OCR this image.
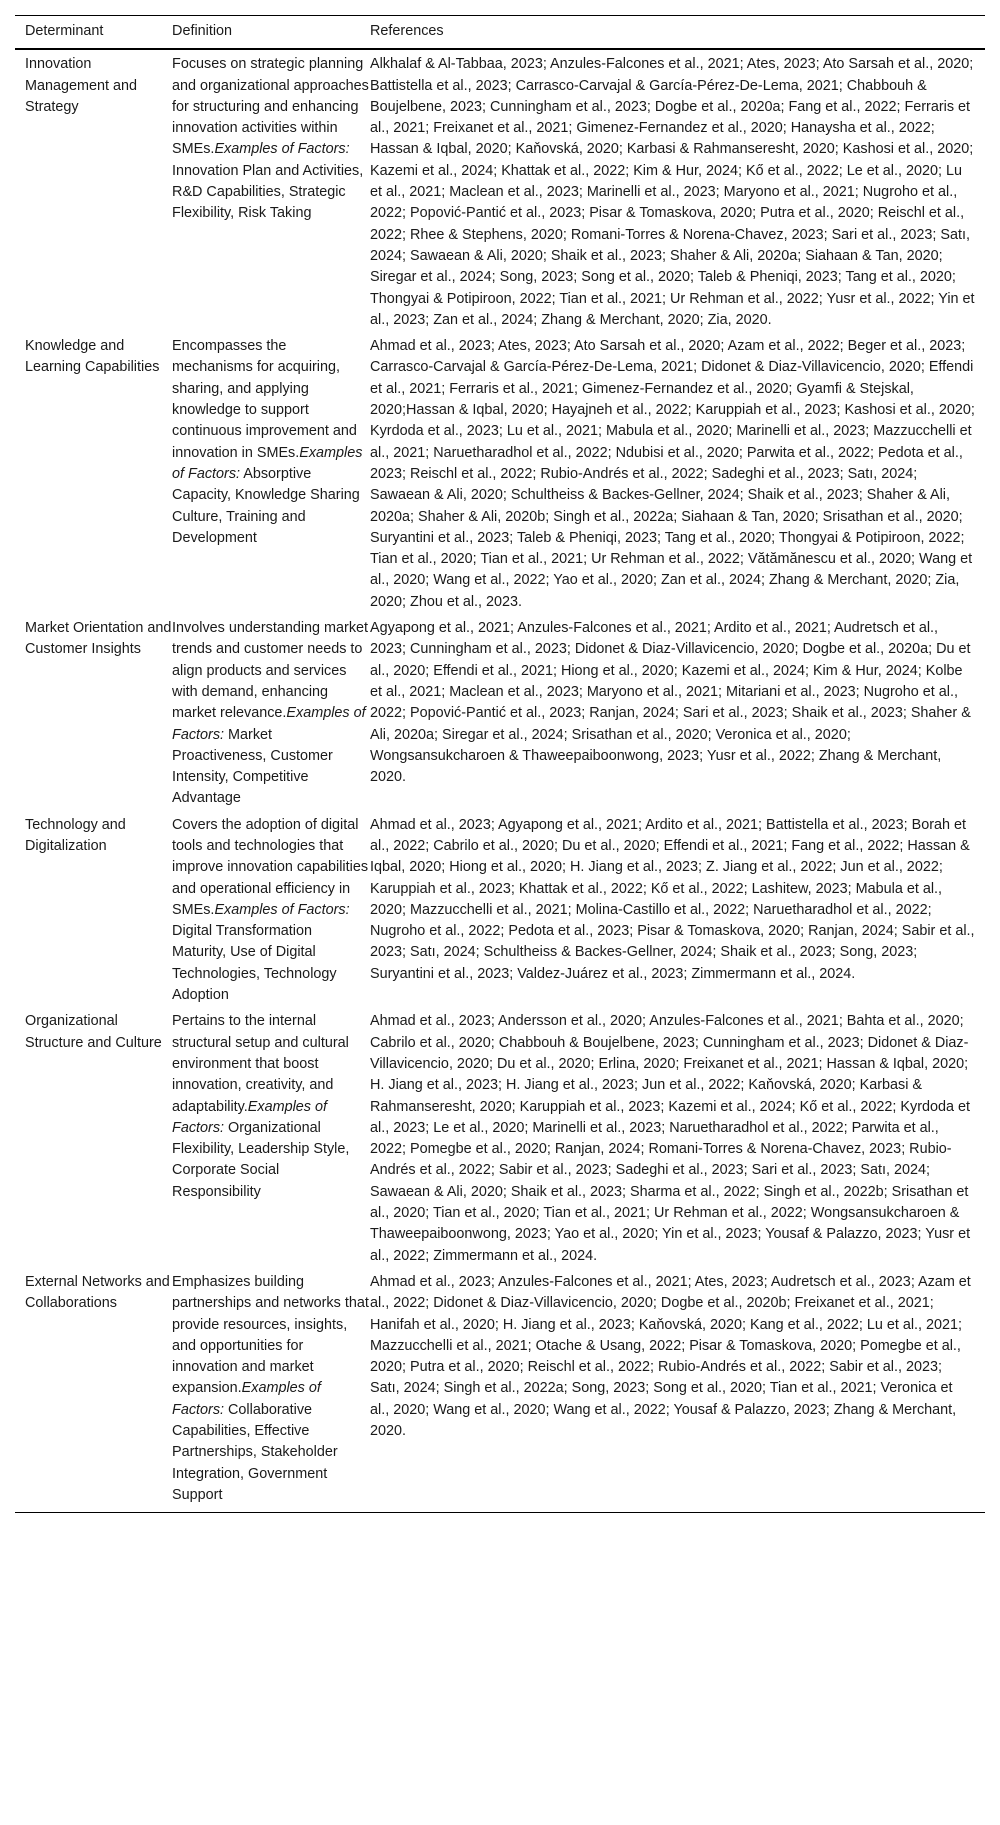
Determinant	Definition	References
Innovation Management and Strategy	Focuses on strategic planning and organizational approaches for structuring and enhancing innovation activities within SMEs.Examples of Factors: Innovation Plan and Activities, R&D Capabilities, Strategic Flexibility, Risk Taking	Alkhalaf & Al-Tabbaa, 2023; Anzules-Falcones et al., 2021; Ates, 2023; Ato Sarsah et al., 2020; Battistella et al., 2023; Carrasco-Carvajal & García-Pérez-De-Lema, 2021; Chabbouh & Boujelbene, 2023; Cunningham et al., 2023; Dogbe et al., 2020a; Fang et al., 2022; Ferraris et al., 2021; Freixanet et al., 2021; Gimenez-Fernandez et al., 2020; Hanaysha et al., 2022; Hassan & Iqbal, 2020; Kaňovská, 2020; Karbasi & Rahmanseresht, 2020; Kashosi et al., 2020; Kazemi et al., 2024; Khattak et al., 2022; Kim & Hur, 2024; Kő et al., 2022; Le et al., 2020; Lu et al., 2021; Maclean et al., 2023; Marinelli et al., 2023; Maryono et al., 2021; Nugroho et al., 2022; Popović-Pantić et al., 2023; Pisar & Tomaskova, 2020; Putra et al., 2020; Reischl et al., 2022; Rhee & Stephens, 2020; Romani-Torres & Norena-Chavez, 2023; Sari et al., 2023; Satı, 2024; Sawaean & Ali, 2020; Shaik et al., 2023; Shaher & Ali, 2020a; Siahaan & Tan, 2020; Siregar et al., 2024; Song, 2023; Song et al., 2020; Taleb & Pheniqi, 2023; Tang et al., 2020; Thongyai & Potipiroon, 2022; Tian et al., 2021; Ur Rehman et al., 2022; Yusr et al., 2022; Yin et al., 2023; Zan et al., 2024; Zhang & Merchant, 2020; Zia, 2020.
Knowledge and Learning Capabilities	Encompasses the mechanisms for acquiring, sharing, and applying knowledge to support continuous improvement and innovation in SMEs.Examples of Factors: Absorptive Capacity, Knowledge Sharing Culture, Training and Development	Ahmad et al., 2023; Ates, 2023; Ato Sarsah et al., 2020; Azam et al., 2022; Beger et al., 2023; Carrasco-Carvajal & García-Pérez-De-Lema, 2021; Didonet & Diaz-Villavicencio, 2020; Effendi et al., 2021; Ferraris et al., 2021; Gimenez-Fernandez et al., 2020; Gyamfi & Stejskal, 2020;Hassan & Iqbal, 2020; Hayajneh et al., 2022; Karuppiah et al., 2023; Kashosi et al., 2020; Kyrdoda et al., 2023; Lu et al., 2021; Mabula et al., 2020; Marinelli et al., 2023; Mazzucchelli et al., 2021; Naruetharadhol et al., 2022; Ndubisi et al., 2020; Parwita et al., 2022; Pedota et al., 2023; Reischl et al., 2022; Rubio-Andrés et al., 2022; Sadeghi et al., 2023; Satı, 2024; Sawaean & Ali, 2020; Schultheiss & Backes-Gellner, 2024; Shaik et al., 2023; Shaher & Ali, 2020a; Shaher & Ali, 2020b; Singh et al., 2022a; Siahaan & Tan, 2020; Srisathan et al., 2020; Suryantini et al., 2023; Taleb & Pheniqi, 2023; Tang et al., 2020; Thongyai & Potipiroon, 2022; Tian et al., 2020; Tian et al., 2021; Ur Rehman et al., 2022; Vătămănescu et al., 2020; Wang et al., 2020; Wang et al., 2022; Yao et al., 2020; Zan et al., 2024; Zhang & Merchant, 2020; Zia, 2020; Zhou et al., 2023.
Market Orientation and Customer Insights	Involves understanding market trends and customer needs to align products and services with demand, enhancing market relevance.Examples of Factors: Market Proactiveness, Customer Intensity, Competitive Advantage	Agyapong et al., 2021; Anzules-Falcones et al., 2021; Ardito et al., 2021; Audretsch et al., 2023; Cunningham et al., 2023; Didonet & Diaz-Villavicencio, 2020; Dogbe et al., 2020a; Du et al., 2020; Effendi et al., 2021; Hiong et al., 2020; Kazemi et al., 2024; Kim & Hur, 2024; Kolbe et al., 2021; Maclean et al., 2023; Maryono et al., 2021; Mitariani et al., 2023; Nugroho et al., 2022; Popović-Pantić et al., 2023; Ranjan, 2024; Sari et al., 2023; Shaik et al., 2023; Shaher & Ali, 2020a; Siregar et al., 2024; Srisathan et al., 2020; Veronica et al., 2020; Wongsansukcharoen & Thaweepaiboonwong, 2023; Yusr et al., 2022; Zhang & Merchant, 2020.
Technology and Digitalization	Covers the adoption of digital tools and technologies that improve innovation capabilities and operational efficiency in SMEs.Examples of Factors: Digital Transformation Maturity, Use of Digital Technologies, Technology Adoption	Ahmad et al., 2023; Agyapong et al., 2021; Ardito et al., 2021; Battistella et al., 2023; Borah et al., 2022; Cabrilo et al., 2020; Du et al., 2020; Effendi et al., 2021; Fang et al., 2022; Hassan & Iqbal, 2020; Hiong et al., 2020; H. Jiang et al., 2023; Z. Jiang et al., 2022; Jun et al., 2022; Karuppiah et al., 2023; Khattak et al., 2022; Kő et al., 2022; Lashitew, 2023; Mabula et al., 2020; Mazzucchelli et al., 2021; Molina-Castillo et al., 2022; Naruetharadhol et al., 2022; Nugroho et al., 2022; Pedota et al., 2023; Pisar & Tomaskova, 2020; Ranjan, 2024; Sabir et al., 2023; Satı, 2024; Schultheiss & Backes-Gellner, 2024; Shaik et al., 2023; Song, 2023; Suryantini et al., 2023; Valdez-Juárez et al., 2023; Zimmermann et al., 2024.
Organizational Structure and Culture	Pertains to the internal structural setup and cultural environment that boost innovation, creativity, and adaptability.Examples of Factors: Organizational Flexibility, Leadership Style, Corporate Social Responsibility	Ahmad et al., 2023; Andersson et al., 2020; Anzules-Falcones et al., 2021; Bahta et al., 2020; Cabrilo et al., 2020; Chabbouh & Boujelbene, 2023; Cunningham et al., 2023; Didonet & Diaz-Villavicencio, 2020; Du et al., 2020; Erlina, 2020; Freixanet et al., 2021; Hassan & Iqbal, 2020; H. Jiang et al., 2023; H. Jiang et al., 2023; Jun et al., 2022; Kaňovská, 2020; Karbasi & Rahmanseresht, 2020; Karuppiah et al., 2023; Kazemi et al., 2024; Kő et al., 2022; Kyrdoda et al., 2023; Le et al., 2020; Marinelli et al., 2023; Naruetharadhol et al., 2022; Parwita et al., 2022; Pomegbe et al., 2020; Ranjan, 2024; Romani-Torres & Norena-Chavez, 2023; Rubio-Andrés et al., 2022; Sabir et al., 2023; Sadeghi et al., 2023; Sari et al., 2023; Satı, 2024; Sawaean & Ali, 2020; Shaik et al., 2023; Sharma et al., 2022; Singh et al., 2022b; Srisathan et al., 2020; Tian et al., 2020; Tian et al., 2021; Ur Rehman et al., 2022; Wongsansukcharoen & Thaweepaiboonwong, 2023; Yao et al., 2020; Yin et al., 2023; Yousaf & Palazzo, 2023; Yusr et al., 2022; Zimmermann et al., 2024.
External Networks and Collaborations	Emphasizes building partnerships and networks that provide resources, insights, and opportunities for innovation and market expansion.Examples of Factors: Collaborative Capabilities, Effective Partnerships, Stakeholder Integration, Government Support	Ahmad et al., 2023; Anzules-Falcones et al., 2021; Ates, 2023; Audretsch et al., 2023; Azam et al., 2022; Didonet & Diaz-Villavicencio, 2020; Dogbe et al., 2020b; Freixanet et al., 2021; Hanifah et al., 2020; H. Jiang et al., 2023; Kaňovská, 2020; Kang et al., 2022; Lu et al., 2021; Mazzucchelli et al., 2021; Otache & Usang, 2022; Pisar & Tomaskova, 2020; Pomegbe et al., 2020; Putra et al., 2020; Reischl et al., 2022; Rubio-Andrés et al., 2022; Sabir et al., 2023; Satı, 2024; Singh et al., 2022a; Song, 2023; Song et al., 2020; Tian et al., 2021; Veronica et al., 2020; Wang et al., 2020; Wang et al., 2022; Yousaf & Palazzo, 2023; Zhang & Merchant, 2020.
